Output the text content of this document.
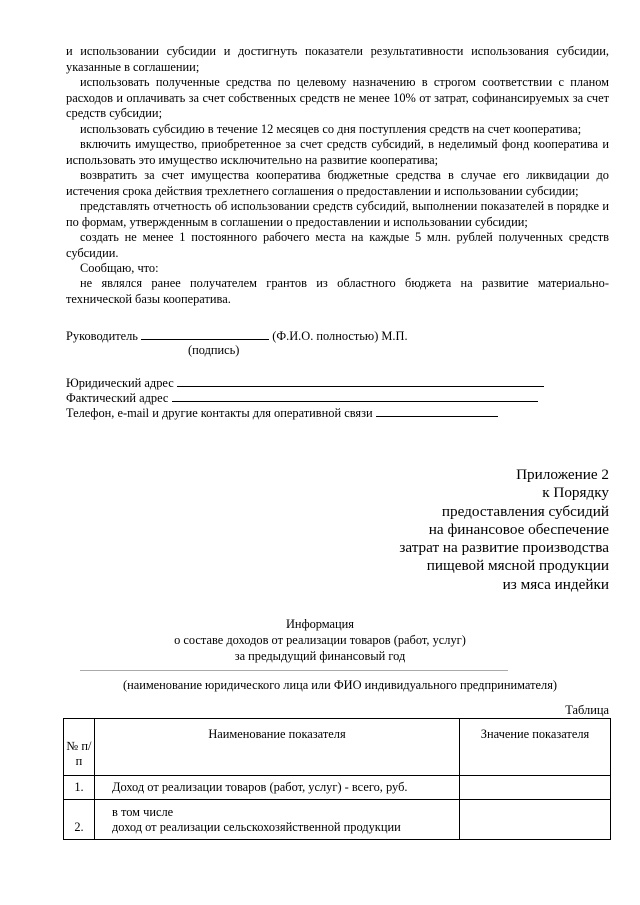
и использовании субсидии и достигнуть показатели результативности использования субсидии, указанные в соглашении;

использовать полученные средства по целевому назначению в строгом соответствии с планом расходов и оплачивать за счет собственных средств не менее 10% от затрат, софинансируемых за счет средств субсидии;

использовать субсидию в течение 12 месяцев со дня поступления средств на счет кооператива;

включить имущество, приобретенное за счет средств субсидий, в неделимый фонд кооператива и использовать это имущество исключительно на развитие кооператива;

возвратить за счет имущества кооператива бюджетные средства в случае его ликвидации до истечения срока действия трехлетнего соглашения о предоставлении и использовании субсидии;

представлять отчетность об использовании средств субсидий, выполнении показателей в порядке и по формам, утвержденным в соглашении о предоставлении и использовании субсидии;

создать не менее 1 постоянного рабочего места на каждые 5 млн. рублей полученных средств субсидии.

Сообщаю, что:

не являлся ранее получателем грантов из областного бюджета на развитие материально-технической базы кооператива.

Руководитель	(Ф.И.О. полностью) М.П.
(подпись)
Юридический адрес
Фактический адрес
Телефон, e-mail и другие контакты для оперативной связи
Приложение 2
к Порядку
предоставления субсидий
на финансовое обеспечение
затрат на развитие производства
пищевой мясной продукции
из мяса индейки
Информация
о составе доходов от реализации товаров (работ, услуг)
за предыдущий финансовый год
(наименование юридического лица или ФИО индивидуального предпринимателя)
Таблица
№ п/п	Наименование показателя	Значение показателя
1.	Доход от реализации товаров (работ, услуг) - всего, руб.	
2.	в том числе
доход от реализации сельскохозяйственной продукции	
